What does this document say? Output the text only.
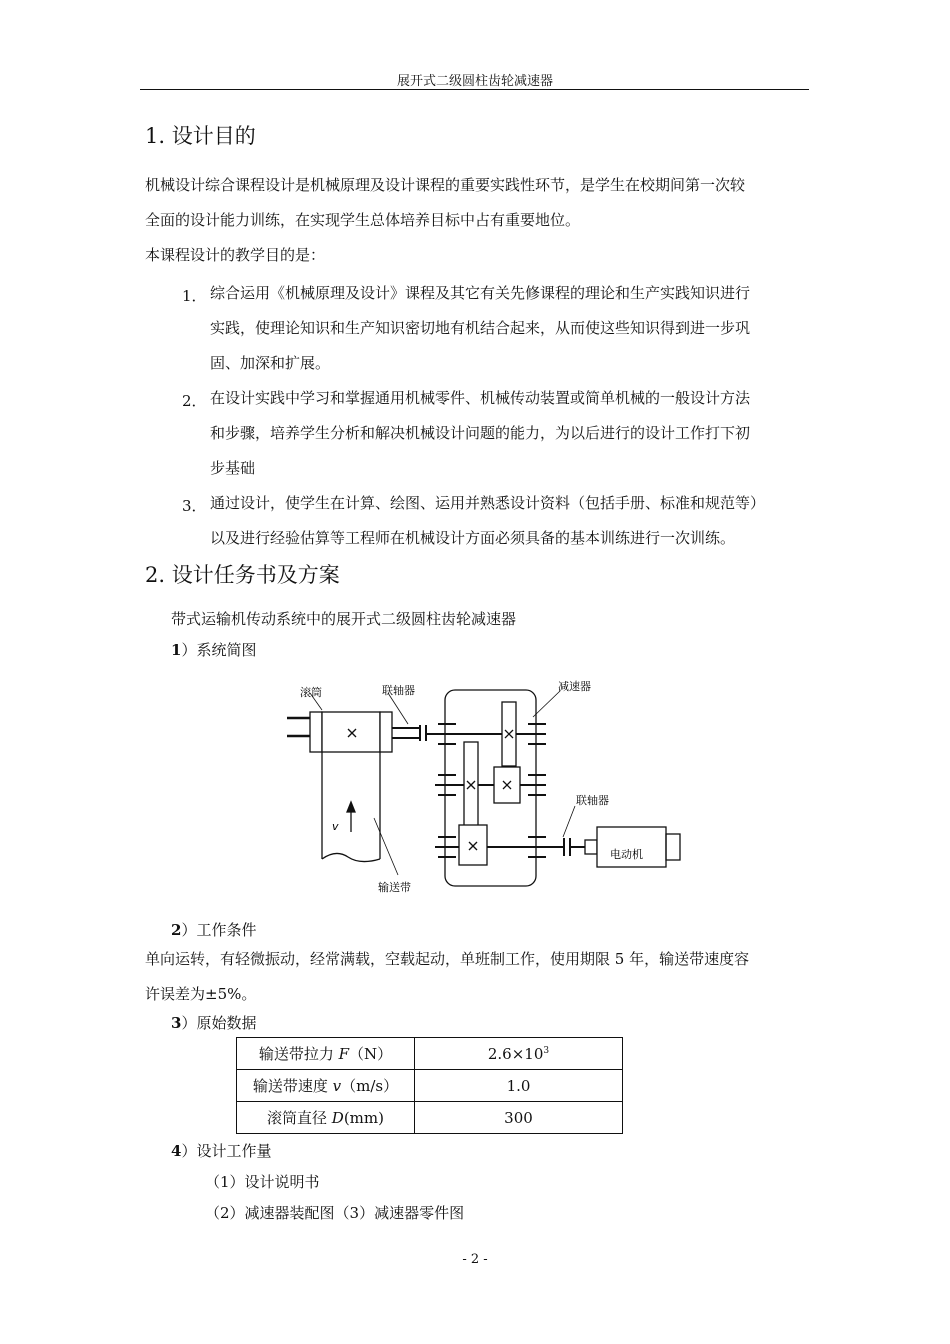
展开式二级圆柱齿轮减速器
1. 设计目的
机械设计综合课程设计是机械原理及设计课程的重要实践性环节，是学生在校期间第一次较
全面的设计能力训练，在实现学生总体培养目标中占有重要地位。
本课程设计的教学目的是：
1． 综合运用《机械原理及设计》课程及其它有关先修课程的理论和生产实践知识进行
实践，使理论知识和生产知识密切地有机结合起来，从而使这些知识得到进一步巩
固、加深和扩展。
2． 在设计实践中学习和掌握通用机械零件、机械传动装置或简单机械的一般设计方法
和步骤，培养学生分析和解决机械设计问题的能力，为以后进行的设计工作打下初
步基础
3． 通过设计，使学生在计算、绘图、运用并熟悉设计资料（包括手册、标准和规范等）
以及进行经验估算等工程师在机械设计方面必须具备的基本训练进行一次训练。
2. 设计任务书及方案
带式运输机传动系统中的展开式二级圆柱齿轮减速器
1）系统简图
滚筒	联轴器	减速器
联轴器
电动机
输送带
v
2）工作条件
单向运转，有轻微振动，经常满载，空载起动，单班制工作，使用期限 5 年，输送带速度容
许误差为±5%。
3）原始数据
输送带拉力 F（N）	$2.6\times 10^3$
输送带速度 v（m/s）	1.0
滚筒直径 D(mm)	300
4）设计工作量
（1）设计说明书
（2）减速器装配图（3）减速器零件图
- 2 -
